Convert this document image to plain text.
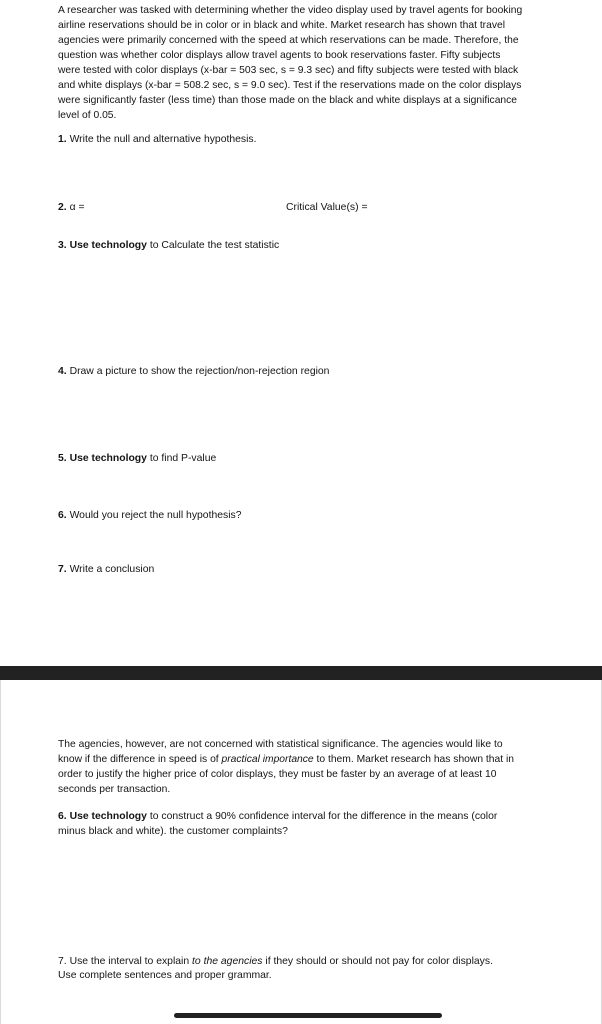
A researcher was tasked with determining whether the video display used by travel agents for booking

airline reservations should be in color or in black and white. Market research has shown that travel

agencies were primarily concerned with the speed at which reservations can be made. Therefore, the

question was whether color displays allow travel agents to book reservations faster. Fifty subjects

were tested with color displays (x-bar = 503 sec, s = 9.3 sec) and fifty subjects were tested with black

and white displays (x-bar = 508.2 sec, s = 9.0 sec). Test if the reservations made on the color displays

were significantly faster (less time) than those made on the black and white displays at a significance

level of 0.05.

1. Write the null and alternative hypothesis.

2. α =	Critical Value(s) =

3. Use technology to Calculate the test statistic

4. Draw a picture to show the rejection/non-rejection region

5. Use technology to find P-value

6. Would you reject the null hypothesis?

7. Write a conclusion

The agencies, however, are not concerned with statistical significance. The agencies would like to

know if the difference in speed is of practical importance to them. Market research has shown that in

order to justify the higher price of color displays, they must be faster by an average of at least 10

seconds per transaction.

6. Use technology to construct a 90% confidence interval for the difference in the means (color

minus black and white). the customer complaints?

7. Use the interval to explain to the agencies if they should or should not pay for color displays.

Use complete sentences and proper grammar.
